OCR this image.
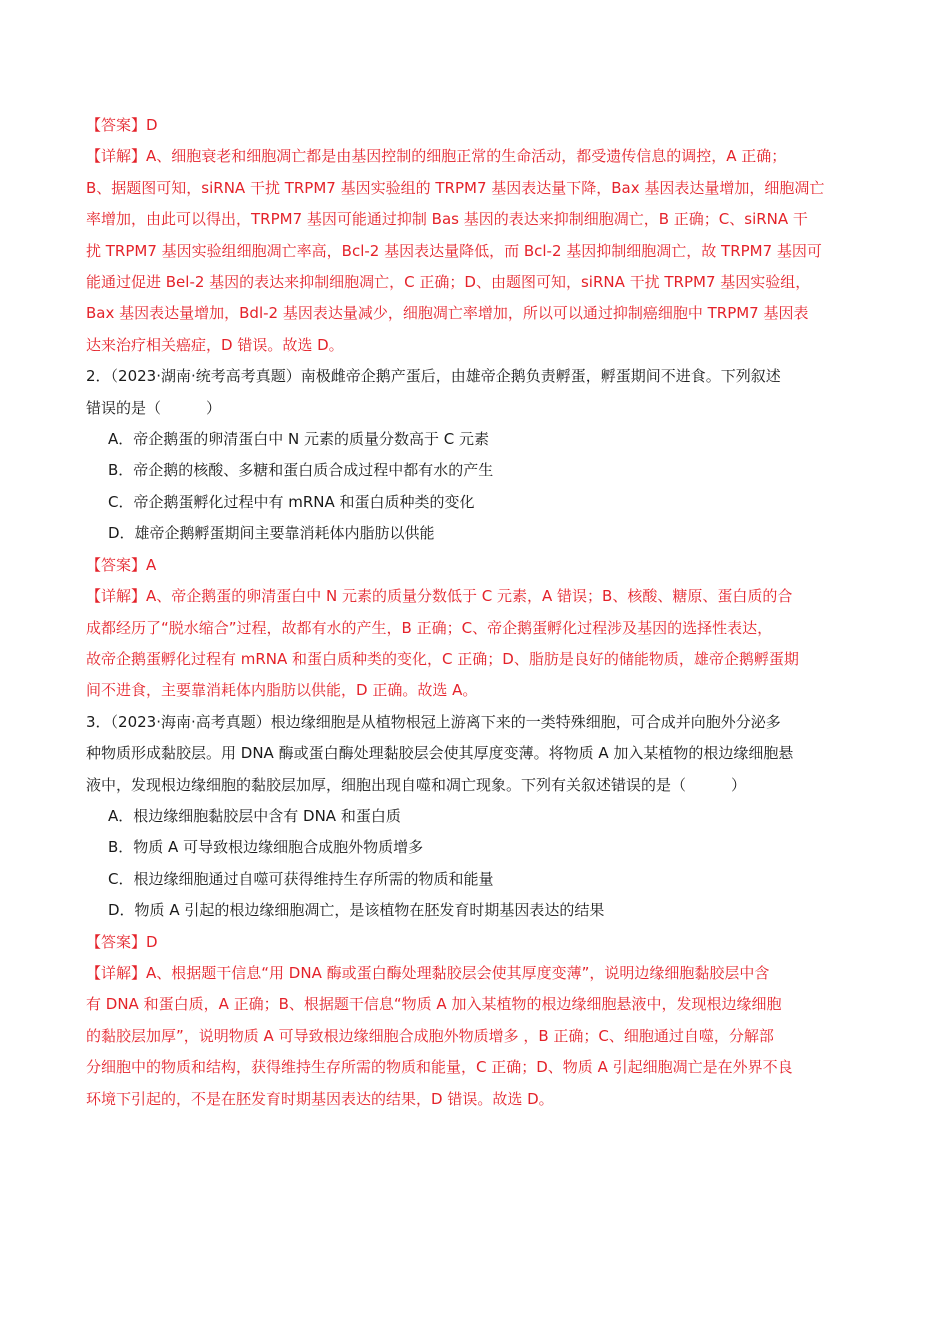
【答案】D
【详解】A、细胞衰老和细胞凋亡都是由基因控制的细胞正常的生命活动，都受遗传信息的调控，A 正确；
B、据题图可知，siRNA 干扰 TRPM7 基因实验组的 TRPM7 基因表达量下降，Bax 基因表达量增加，细胞凋亡
率增加，由此可以得出，TRPM7 基因可能通过抑制 Bas 基因的表达来抑制细胞凋亡，B 正确；C、siRNA 干
扰 TRPM7 基因实验组细胞凋亡率高，Bcl-2 基因表达量降低，而 Bcl-2 基因抑制细胞凋亡，故 TRPM7 基因可
能通过促进 Bel-2 基因的表达来抑制细胞凋亡，C 正确；D、由题图可知，siRNA 干扰 TRPM7 基因实验组，
Bax 基因表达量增加，Bdl-2 基因表达量减少，细胞凋亡率增加，所以可以通过抑制癌细胞中 TRPM7 基因表
达来治疗相关癌症，D 错误。故选 D。
2．（2023·湖南·统考高考真题）南极雌帝企鹅产蛋后，由雄帝企鹅负责孵蛋，孵蛋期间不进食。下列叙述
错误的是（　　　）
A．帝企鹅蛋的卵清蛋白中 N 元素的质量分数高于 C 元素
B．帝企鹅的核酸、多糖和蛋白质合成过程中都有水的产生
C．帝企鹅蛋孵化过程中有 mRNA 和蛋白质种类的变化
D．雄帝企鹅孵蛋期间主要靠消耗体内脂肪以供能
【答案】A
【详解】A、帝企鹅蛋的卵清蛋白中 N 元素的质量分数低于 C 元素，A 错误；B、核酸、糖原、蛋白质的合
成都经历了“脱水缩合”过程，故都有水的产生，B 正确；C、帝企鹅蛋孵化过程涉及基因的选择性表达，
故帝企鹅蛋孵化过程有 mRNA 和蛋白质种类的变化，C 正确；D、脂肪是良好的储能物质，雄帝企鹅孵蛋期
间不进食，主要靠消耗体内脂肪以供能，D 正确。故选 A。
3．（2023·海南·高考真题）根边缘细胞是从植物根冠上游离下来的一类特殊细胞，可合成并向胞外分泌多
种物质形成黏胶层。用 DNA 酶或蛋白酶处理黏胶层会使其厚度变薄。将物质 A 加入某植物的根边缘细胞悬
液中，发现根边缘细胞的黏胶层加厚，细胞出现自噬和凋亡现象。下列有关叙述错误的是（　　　）
A．根边缘细胞黏胶层中含有 DNA 和蛋白质
B．物质 A 可导致根边缘细胞合成胞外物质增多
C．根边缘细胞通过自噬可获得维持生存所需的物质和能量
D．物质 A 引起的根边缘细胞凋亡，是该植物在胚发育时期基因表达的结果
【答案】D
【详解】A、根据题干信息“用 DNA 酶或蛋白酶处理黏胶层会使其厚度变薄”，说明边缘细胞黏胶层中含
有 DNA 和蛋白质，A 正确；B、根据题干信息“物质 A 加入某植物的根边缘细胞悬液中，发现根边缘细胞
的黏胶层加厚”，说明物质 A 可导致根边缘细胞合成胞外物质增多 ，B 正确；C、细胞通过自噬，分解部
分细胞中的物质和结构，获得维持生存所需的物质和能量，C 正确；D、物质 A 引起细胞凋亡是在外界不良
环境下引起的，不是在胚发育时期基因表达的结果，D 错误。故选 D。
